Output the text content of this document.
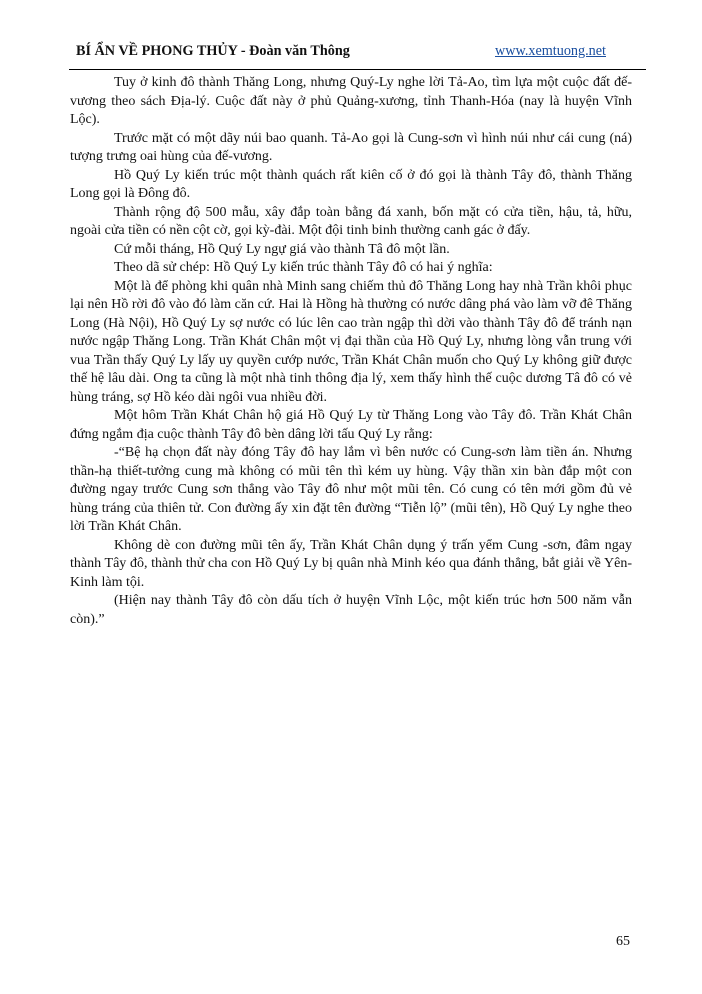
BÍ ẨN VỀ PHONG THỦY - Đoàn văn Thông	www.xemtuong.net

Tuy ở kinh đô thành Thăng Long, nhưng Quý-Ly nghe lời Tả-Ao, tìm lựa một cuộc đất đế-vương theo sách Địa-lý. Cuộc đất này ở phủ Quảng-xương, tỉnh Thanh-Hóa (nay là huyện Vĩnh Lộc).

Trước mặt có một dãy núi bao quanh. Tả-Ao gọi là Cung-sơn vì hình núi như cái cung (ná) tượng trưng oai hùng của đế-vương.

Hồ Quý Ly kiến trúc một thành quách rất kiên cố ở đó gọi là thành Tây đô, thành Thăng Long gọi là Đông đô.

Thành rộng độ 500 mẫu, xây đắp toàn bằng đá xanh, bốn mặt có cửa tiền, hậu, tả, hữu, ngoài cửa tiền có nền cột cờ, gọi kỳ-đài. Một đội tinh binh thường canh gác ở đấy.

Cứ mỗi tháng, Hồ Quý Ly ngự giá vào thành Tâ đô một lần.

Theo dã sử chép: Hồ Quý Ly kiến trúc thành Tây đô có hai ý nghĩa:

Một là để phòng khi quân nhà Minh sang chiếm thủ đô Thăng Long hay nhà Trần khôi phục lại nên Hồ rời đô vào đó làm căn cứ. Hai là Hồng hà thường có nước dâng phá vào làm vỡ đê Thăng Long (Hà Nội), Hồ Quý Ly sợ nước có lúc lên cao tràn ngập thì dời vào thành Tây đô để tránh nạn nước ngập Thăng Long. Trần Khát Chân một vị đại thần của Hồ Quý Ly, nhưng lòng vẫn trung với vua Trần thấy Quý Ly lấy uy quyền cướp nước, Trần Khát Chân muốn cho Quý Ly không giữ được thế hệ lâu dài. Ong ta cũng là một nhà tinh thông địa lý, xem thấy hình thế cuộc dương Tâ đô có vẻ hùng tráng, sợ Hồ kéo dài ngôi vua nhiều đời.

Một hôm Trần Khát Chân hộ giá Hồ Quý Ly từ Thăng Long vào Tây đô. Trần Khát Chân đứng ngắm địa cuộc thành Tây đô bèn dâng lời tấu Quý Ly rằng:

-“Bệ hạ chọn đất này đóng Tây đô hay lắm vì bên nước có Cung-sơn làm tiền án. Nhưng thần-hạ thiết-tưởng cung mà không có mũi tên thì kém uy hùng. Vậy thần xin bàn đắp một con đường ngay trước Cung sơn thẳng vào Tây đô như một mũi tên. Có cung có tên mới gồm đủ vẻ hùng tráng của thiên tử. Con đường ấy xin đặt tên đường “Tiễn lộ” (mũi tên), Hồ Quý Ly nghe theo lời Trần Khát Chân.

Không dè con đường mũi tên ấy, Trần Khát Chân dụng ý trấn yểm Cung -sơn, đâm ngay thành Tây đô, thành thử cha con Hồ Quý Ly bị quân nhà Minh kéo qua đánh thẳng, bắt giải về Yên-Kinh làm tội.

(Hiện nay thành Tây đô còn dấu tích ở huyện Vĩnh Lộc, một kiến trúc hơn 500 năm vẫn còn).”

65
